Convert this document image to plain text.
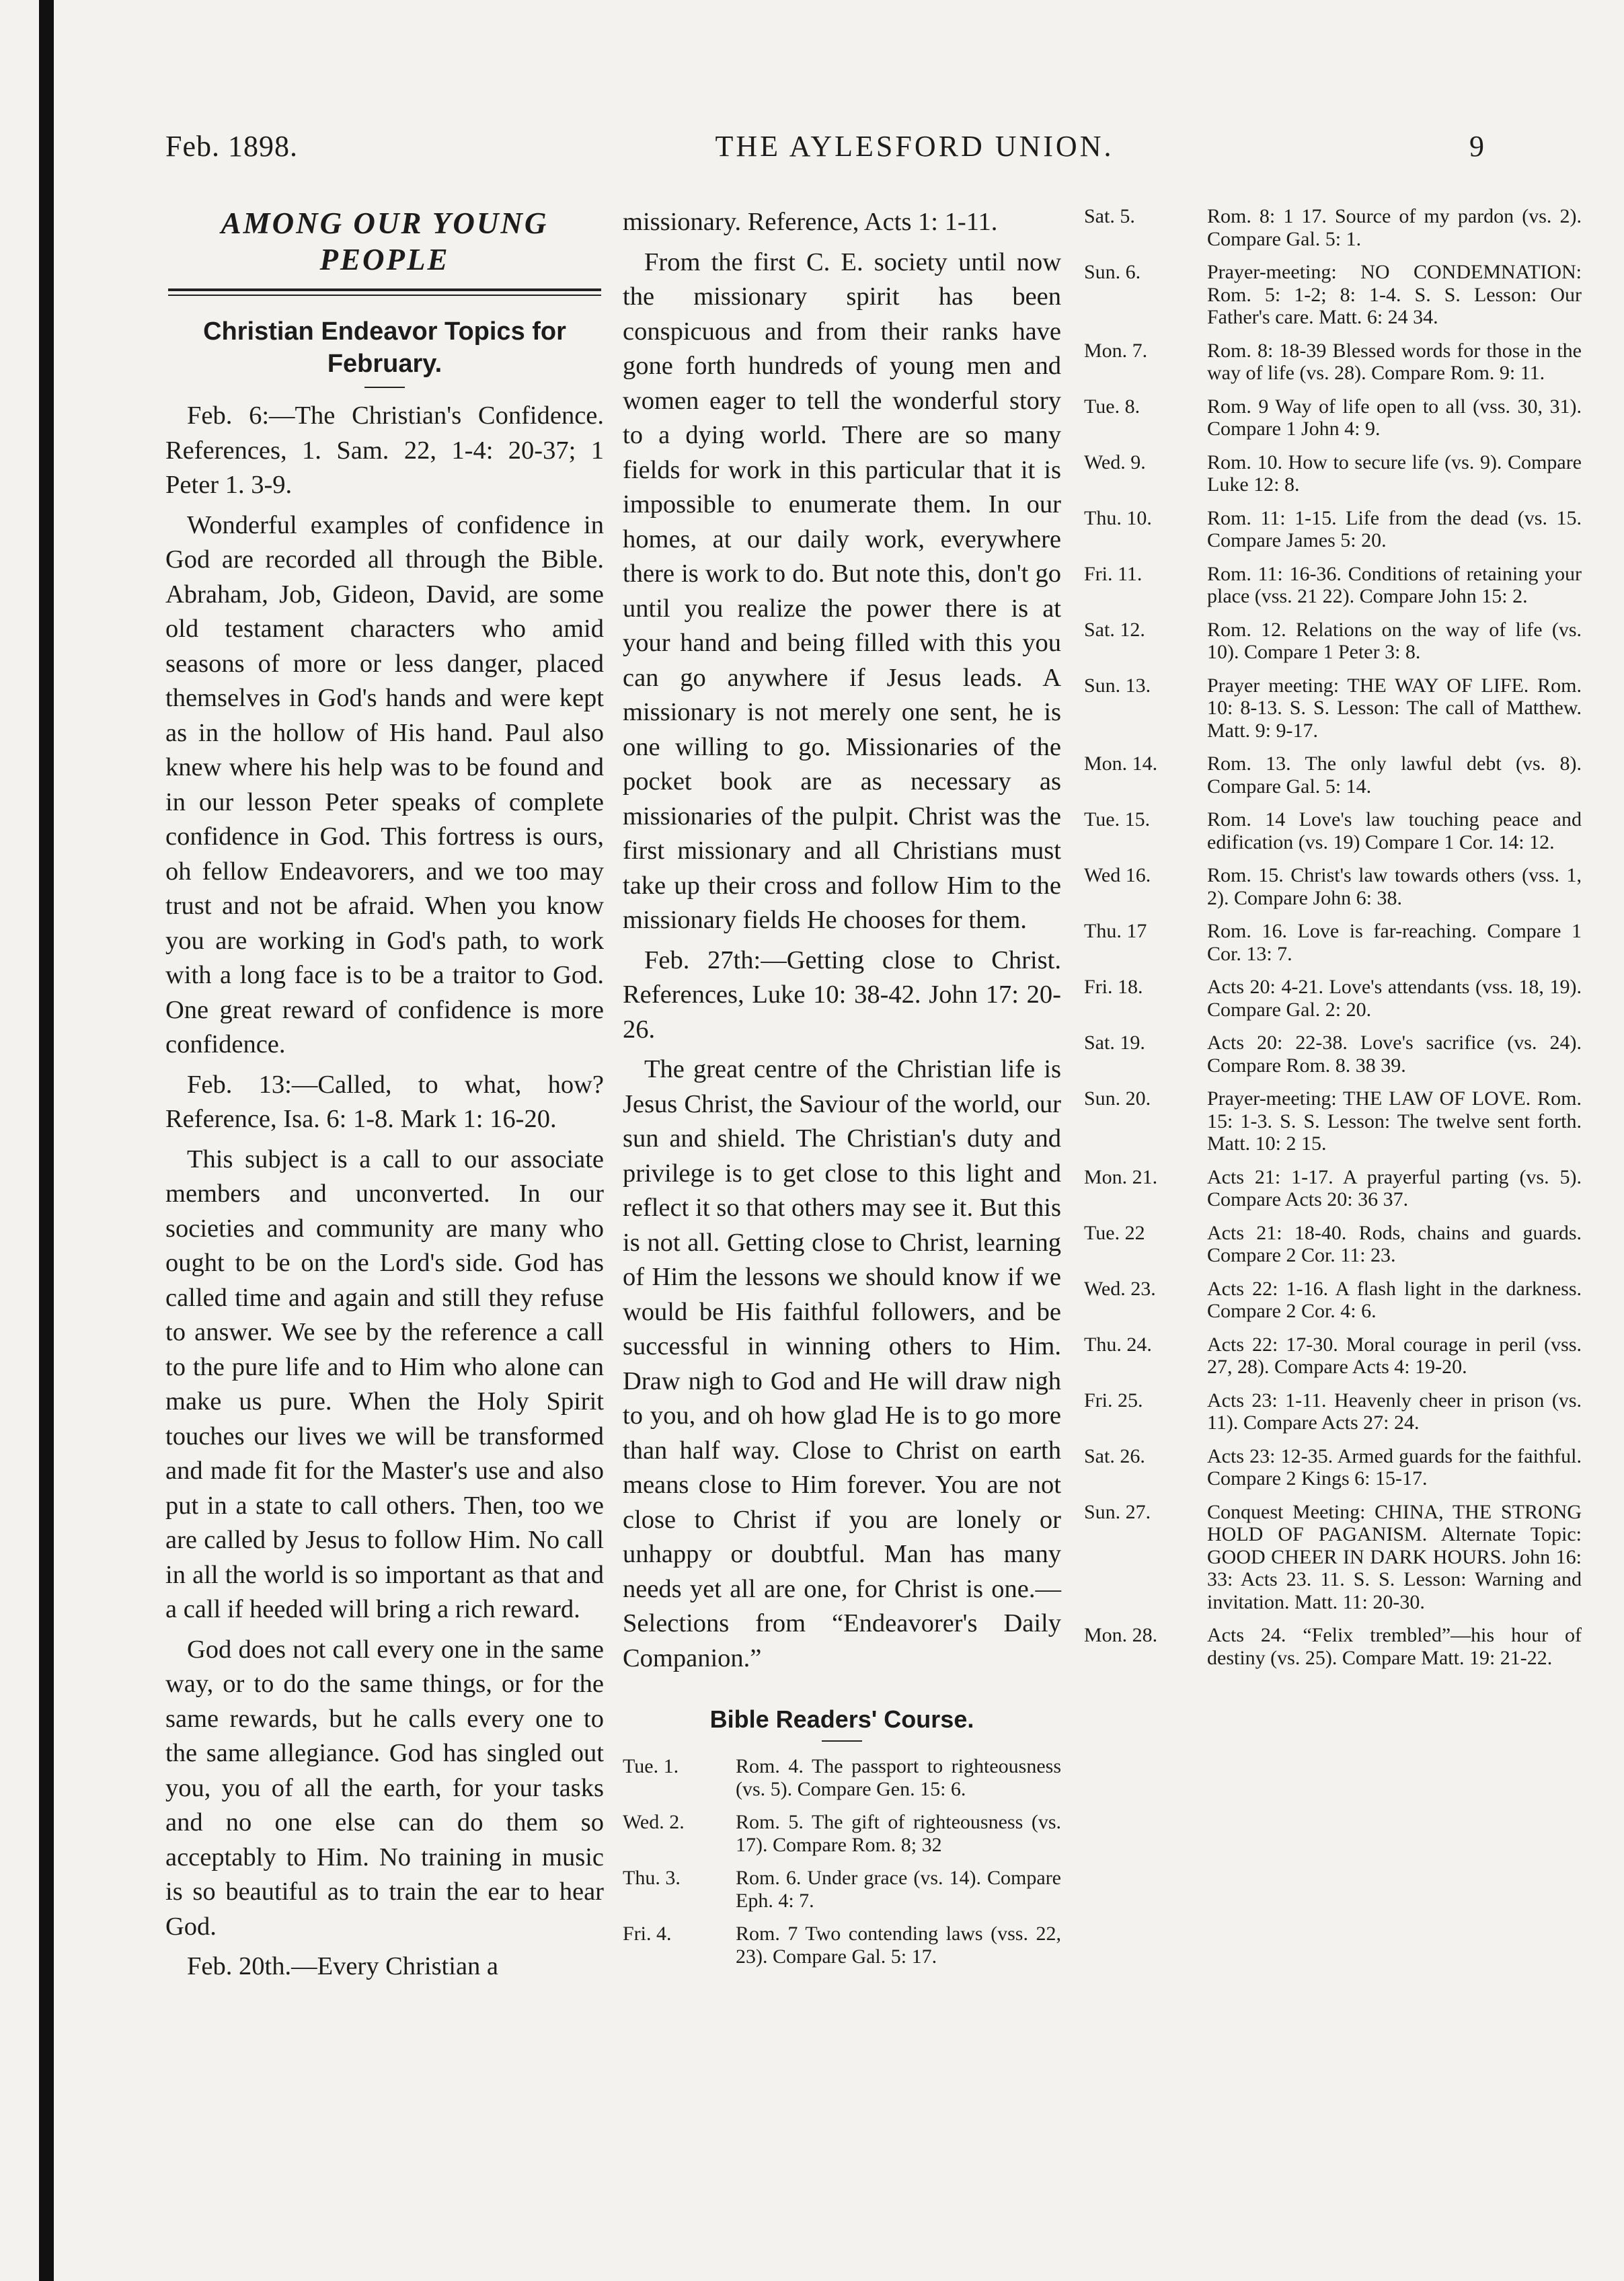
Feb. 1898.	THE AYLESFORD UNION.	9
AMONG OUR YOUNG PEOPLE
Christian Endeavor Topics for February.

Feb. 6:—The Christian's Confidence. References, 1. Sam. 22, 1-4: 20-37; 1 Peter 1. 3-9.

Wonderful examples of confidence in God are recorded all through the Bible. Abraham, Job, Gideon, David, are some old testament characters who amid seasons of more or less danger, placed themselves in God's hands and were kept as in the hollow of His hand. Paul also knew where his help was to be found and in our lesson Peter speaks of complete confidence in God. This fortress is ours, oh fellow Endeavorers, and we too may trust and not be afraid. When you know you are working in God's path, to work with a long face is to be a traitor to God. One great reward of confidence is more confidence.

Feb. 13:—Called, to what, how? Reference, Isa. 6: 1-8. Mark 1: 16-20.

This subject is a call to our associate members and unconverted. In our societies and community are many who ought to be on the Lord's side. God has called time and again and still they refuse to answer. We see by the reference a call to the pure life and to Him who alone can make us pure. When the Holy Spirit touches our lives we will be transformed and made fit for the Master's use and also put in a state to call others. Then, too we are called by Jesus to follow Him. No call in all the world is so important as that and a call if heeded will bring a rich reward.

God does not call every one in the same way, or to do the same things, or for the same rewards, but he calls every one to the same allegiance. God has singled out you, you of all the earth, for your tasks and no one else can do them so acceptably to Him. No training in music is so beautiful as to train the ear to hear God.

Feb. 20th.—Every Christian a

missionary. Reference, Acts 1: 1-11.

From the first C. E. society until now the missionary spirit has been conspicuous and from their ranks have gone forth hundreds of young men and women eager to tell the wonderful story to a dying world. There are so many fields for work in this particular that it is impossible to enumerate them. In our homes, at our daily work, everywhere there is work to do. But note this, don't go until you realize the power there is at your hand and being filled with this you can go anywhere if Jesus leads. A missionary is not merely one sent, he is one willing to go. Missionaries of the pocket book are as necessary as missionaries of the pulpit. Christ was the first missionary and all Christians must take up their cross and follow Him to the missionary fields He chooses for them.

Feb. 27th:—Getting close to Christ. References, Luke 10: 38-42. John 17: 20-26.

The great centre of the Christian life is Jesus Christ, the Saviour of the world, our sun and shield. The Christian's duty and privilege is to get close to this light and reflect it so that others may see it. But this is not all. Getting close to Christ, learning of Him the lessons we should know if we would be His faithful followers, and be successful in winning others to Him. Draw nigh to God and He will draw nigh to you, and oh how glad He is to go more than half way. Close to Christ on earth means close to Him forever. You are not close to Christ if you are lonely or unhappy or doubtful. Man has many needs yet all are one, for Christ is one.—Selections from “Endeavorer's Daily Companion.”

Bible Readers' Course.
Tue. 1.	Rom. 4. The passport to righteousness (vs. 5). Compare Gen. 15: 6.
Wed. 2.	Rom. 5. The gift of righteousness (vs. 17). Compare Rom. 8; 32
Thu. 3.	Rom. 6. Under grace (vs. 14). Compare Eph. 4: 7.
Fri. 4.	Rom. 7 Two contending laws (vss. 22, 23). Compare Gal. 5: 17.
Sat. 5.	Rom. 8: 1 17. Source of my pardon (vs. 2). Compare Gal. 5: 1.
Sun. 6.	Prayer-meeting: NO CONDEMNATION: Rom. 5: 1-2; 8: 1-4. S. S. Lesson: Our Father's care. Matt. 6: 24 34.
Mon. 7.	Rom. 8: 18-39 Blessed words for those in the way of life (vs. 28). Compare Rom. 9: 11.
Tue. 8.	Rom. 9 Way of life open to all (vss. 30, 31). Compare 1 John 4: 9.
Wed. 9.	Rom. 10. How to secure life (vs. 9). Compare Luke 12: 8.
Thu. 10.	Rom. 11: 1-15. Life from the dead (vs. 15. Compare James 5: 20.
Fri. 11.	Rom. 11: 16-36. Conditions of retaining your place (vss. 21 22). Compare John 15: 2.
Sat. 12.	Rom. 12. Relations on the way of life (vs. 10). Compare 1 Peter 3: 8.
Sun. 13.	Prayer meeting: THE WAY OF LIFE. Rom. 10: 8-13. S. S. Lesson: The call of Matthew. Matt. 9: 9-17.
Mon. 14.	Rom. 13. The only lawful debt (vs. 8). Compare Gal. 5: 14.
Tue. 15.	Rom. 14 Love's law touching peace and edification (vs. 19) Compare 1 Cor. 14: 12.
Wed 16.	Rom. 15. Christ's law towards others (vss. 1, 2). Compare John 6: 38.
Thu. 17	Rom. 16. Love is far-reaching. Compare 1 Cor. 13: 7.
Fri. 18.	Acts 20: 4-21. Love's attendants (vss. 18, 19). Compare Gal. 2: 20.
Sat. 19.	Acts 20: 22-38. Love's sacrifice (vs. 24). Compare Rom. 8. 38 39.
Sun. 20.	Prayer-meeting: THE LAW OF LOVE. Rom. 15: 1-3. S. S. Lesson: The twelve sent forth. Matt. 10: 2 15.
Mon. 21.	Acts 21: 1-17. A prayerful parting (vs. 5). Compare Acts 20: 36 37.
Tue. 22	Acts 21: 18-40. Rods, chains and guards. Compare 2 Cor. 11: 23.
Wed. 23.	Acts 22: 1-16. A flash light in the darkness. Compare 2 Cor. 4: 6.
Thu. 24.	Acts 22: 17-30. Moral courage in peril (vss. 27, 28). Compare Acts 4: 19-20.
Fri. 25.	Acts 23: 1-11. Heavenly cheer in prison (vs. 11). Compare Acts 27: 24.
Sat. 26.	Acts 23: 12-35. Armed guards for the faithful. Compare 2 Kings 6: 15-17.
Sun. 27.	Conquest Meeting: CHINA, THE STRONG HOLD OF PAGANISM. Alternate Topic: GOOD CHEER IN DARK HOURS. John 16: 33: Acts 23. 11. S. S. Lesson: Warning and invitation. Matt. 11: 20-30.
Mon. 28.	Acts 24. “Felix trembled”—his hour of destiny (vs. 25). Compare Matt. 19: 21-22.
